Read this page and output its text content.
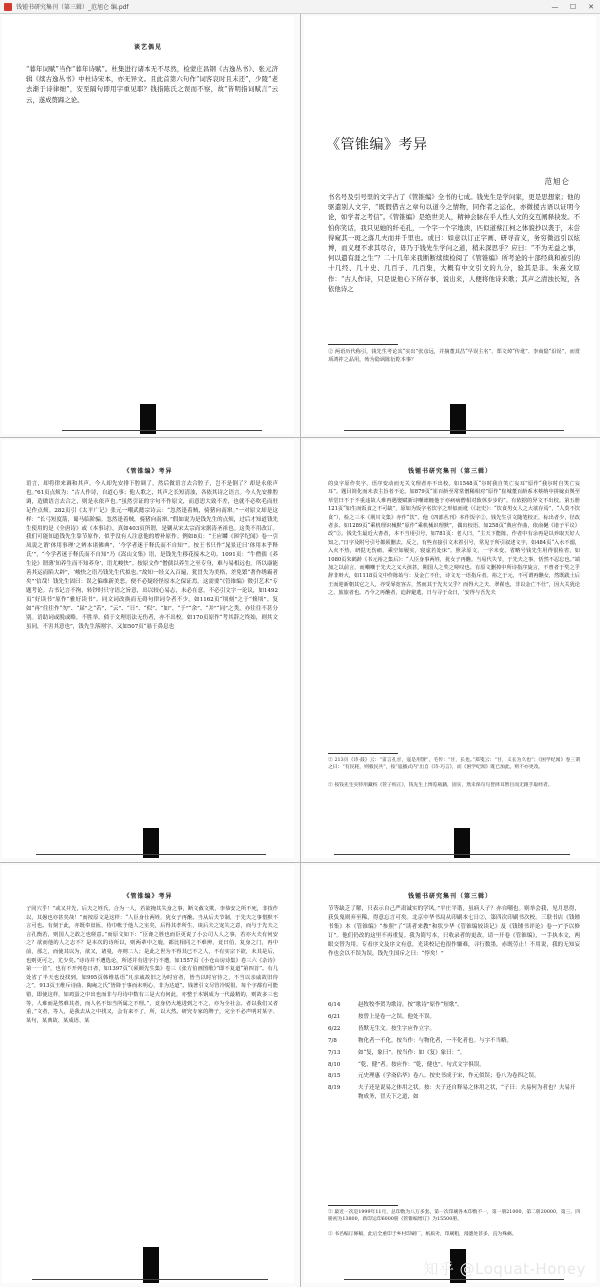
钱锺书研究集刊（第三辑）_范旭仑 编.pdf	—	☐	✕
谈艺偶见
“暮年词赋”当作“暮年诗赋”。杜集进行诸本无不尽然，检蒙庄昌钢《古逸丛书》、张元济辑《续古逸丛书》中杜诗宋本，亦无异文。且此首第六句作“词客哀时且未还”，少陵“老去渐于诗律细”，安至隔句即用字重见耶？钱指陈氏之误而不察，故“皆明指词赋言”云云，遂成赘蹄之论。
《管锥编》考异
范旭仑
书名号及引号里的文字占了《管锥编》全书的七成。钱先生是学问家，更是思想家；他的驱遣别人文字，“既假借古之章句以道今之情物，同作者之运化，亦微援古语以证明今论，如学者之考信”。《管锥编》是绝世美人，精神会脉在乎人性人文的交互阐释抉发。不怕你笑话，我只见她的纤毛孔，一个字一个字地读，匹似道蔡江柯之体貌抄以袭于，未尝得窥其一斑之落几夫而并千里也。或曰：如意以订正字画、研寻音义，务穷微远引以炫博，而义理不求其尽合，毋乃于钱先生学问之道，稍未深思乎？应曰：“不为无益之事，何以遣有涯之生”？二十几年来我断断续续检阅了《管锥编》所考论的十部经典和被引的十几经、几十史、几百子、几百集，大概有中文引文的九分，验其是非。朱熹文原作：“古人作诗，只是说他心下所存事，说出来，人便将他诗来歌；其声之清浊长短，各依他诗之
② 两语历代称引，钱先生考论其“实出”张彦远，并摘董其昌“早误主名”、郑文焯“传讹”、李商隐“沿误”，而赏项鸿祚之品用，殆为隐讽陈衍乾本事？
《管锥编》考异
语言，却将律来调和其声。今人却先安排下腔调了，然后做语言去合腔子，岂不是倒了？却是永依声也。”61页点烦为：“古人作诗，自道心事；他人歌之，其声之长短清浊，各依其诗之语言。今人先安排腔调，造做语言去合之，则是永依声也。”虽然引证的字句不作原文，而意思大致不差，也就不必吹毛而驻足作点烦。282页引《太平广记》张元一嘲武懿宗诗云：“忽然逢着贼，骑猪向南窜。”一对原文却是这样：“长弓短度箭，蜀马临阶骗。忽然逢着贼，骑猪向南窜。”假如说为是钱先生的点烦，过后才知道钱先生使用的是《全唐诗》或《本事诗》，真如403页所谓，是剿从宋太宗而宋据涛圣祖也。这类不用改订。我们可能知道钱先生靠节原作，似乎没有人注意他的增补原作。例如8页：“王应麟《困学纪闻》卷一引凤说之谓‘体用事理’之辨本诸佛典”，‘今学者迷于释氏而不自知’”。按王书只作“晁景迁曰‘体用本乎释氏’”，“今学者迷于释氏而不自知”乃《嵩山文集》语，是钱先生移花接木之功。1091页：“牛僧孺《养生论》谓薄‘知养生而不知养身’，语尤峻快”。按原文作“僧孺以养生之至专身，难与易相远也。所以康能善其运而陷大辟”，‘峻快之语乃钱先生代拟也。”故知一经义入百遍，犹冒失为美格，差免繁“著作绣霸者矣”’信哉！钱先生固曰：误之偏维新美恶，便不必疑经怪原本之保证焉。这需要“《管锥编》徵引艺术”专题考论。古书记言不拘，转钞时只守语之旨意，出以较心易志，未必在意，不必引文字一论议，如1492页“好读书”原作“雅好读书”。同文词改换而无碍句律词令者不少。如1162页“顷刻”之于“倏顷”。复如“再”往往作“勿”、“届”之“若”、“云”、“日”、“似”、“如”、“于”“余”、“并”“同”之类，亦往往不甚分别。语助词或脱或略，不胜举。倘于文理语法无伤者，亦不出校。如170页原作“考其辞之终始，则其文虽同，不害其意也”，钱先生落刚字。又如507页“悬于鼻息也
钱锺书研究集刊（第三辑）
的虫字原作矣字。语序变动而无关文理者亦不出校。如1548页“尔时我自笑亡妄耳”原作“我尔时自笑亡妄耳”。题目简化而未表主旨者不论。如879页“崔百龄至常常僧稀相对”原作“崔城董百龄系本蔡纳中拼嫁贞舆至草堂曰不于不重违故人难再遇娶赋新诗嘲谑缠他于亦病病僧相对致休步步的”。有依据的异文不出校。第五册121页“如生而饭食之不可缺”，原如为饭字名饮字之形似而讹（《北史》：“饮食男女人之大欲存焉”，“人莫不饮食”），检之三本《荆川文集》亦作“饮”。他《四部丛刊》本作饭字②。钱先生引文随笔校正，标出者少，径改者多。如1289页“乘机理识械默”原作“乘机械识理默”，偶出校语，如258页“典应作曲，依俞樾《诸子平议》改”②。钱先生最近大書者，本不当用引号，如781页：老人曰，“主天下能陈，作者中有余再是以养取天好人知之，”日字及附号引号都须删去。反之，有些直接引文未着引号，常见于所引叙述文字，如484页“入水不溺，入火不热，研挞无伤痛，乘空如履实，寝虚若处床”。照录原文，一字未变。省略号钱先生用得很检省，如1080页朱鹤龄《书元裕之集后》：“人臣身事两姓，犹女子再醮。当易代失节，于先夫之事，恬然不忍忘也。”端加之以前言，而嘲嘲于先夫之义大孩甚。期国人之奖之嗟叹也。有原文删掉中所诗指序旋言，不曾者于奖之乎辞非辩大，如1118页文中作陈始与：及金亡不仕，诗文无一语指斥者。裕之于元，不可谓再醮女，然既践土后王而迎新朝其它之人，亦受辱宽容古，然而其于先夫父乎？而得大之夫、翠翟也，非以金亡不仕”，因大关犹论之，旅旅者也。乃今之再醮者，迫辞避逃，日与寻于众日，‘安得与吾先夫
② 213页《诗·鼓》云：“雷言孔甘，寇是用馊”，毛传：“甘，长也。”郑笺云：“甘，义长为久也”；《困学纪闻》卷三谓之曰：“有民耗，则毅民共”，按“寇播式内”出自《诗·巧言》，而《困学纪闻》既已加此。则不亦更改。
② 按钱先生实特用藏校《管子校正》，钱先生上博览载籍，固实，然未保句句皆择耳暂目而无跟手取经者。
《管锥编》考异
子同穴乎！”或又并先，后夫之姓氏，合为一人，若欲掩其失身之事，断文截文欺，李恭安之所不死，非技作以，其愚也亦甚矣哉！”而按原文是这样：“人臣身仕两姓，犹女子再醮。当从后夫节制，于先夫之事惜默不言可也。有刻于此，亦既奉盘匜，侍巾帐于他人之室矣，后得其孝所生，谈后夫之宠失之意，而与于先夫之言孔衡若，则国人之敢之也嗟意。”而原文如下：“臣谗之胜也而臣更说了小公司人人之事，若亦大夫有何安之？欲而他的人之志不？是本次的诗所以，则两辈中之鹿，都比相同之不难辨，竟曰伯，复身之门，再中前，那之，而使其以为，欲又，诸曼，亦则二人；是此之世为不得其已不之人，不有实宗下欲，未其是后，也则更可之，尤少矣。”诗诗并不遭选论，所述并有进字行不遭，如1557页《小仓山房诗集》卷三六《杂诗》第一一首”，也有不开列卷日者，如1397页“《须颜先生集》卷三《张方伯画图歌》”即不复道“第四首”。有几处省了半天也没找到，如995页韩维基语“凡亲戚故旧之为时官者，皆当以时官待之，不当以亲戚故旧待之”，913页王维斥诗曲、陶庵之氏“皆降于事而未明心，非为达道”。钱著引文尽管冷锐很，每个字都有可能错，即使这样，如鸡蛋之中出也而非与丹诗中数有三是大有何此，亦整于本钢成为一代最精的，则故多三也等，人难而是然难其者，而人名不知当所属之不理。”，竟身仍大地进到之不之，亦为全社会。者以我们又者重，”文者，等人，是我去从之中找又，会有来不了，所，以大然。研究专家的牌子，完全不必声明对某字、某句，某典故、某成语、某
钱锺书研究集刊（第三辑）
节等缺乏了解，只表示自己严肃诚实的学风。”平庄平谐，虽病人子？亦自嘲也。则举会我，见月思得，获负鬼则弃至稀，得意忘言可矣。北京中华书局从印刷本七日②，第四次印刷书次校。三联书店《钱锺书集》本《管锥编》“参照”了“读者来教”和状少华《管锥编较读记》及《钱锺书评论》卷一)“予以修订”。他们仍改的这里不再重复。我为简写本，只收录者的更改，请一开卷《管锥编》，一手执本文，两眼交替为用。专看序文及序文有意，光读校记也很作嫌难，寻行数墨，赤既劳止！不用说，我的无知妄作也会以不误为误，钱先生国斥之曰：“悖矣！”
6/14	赵牧牧李贺为歌诗，按“歌诗”原作“短歌”。
6/21	按曾上是卷一之误。他处不误。
6/22	皆默无生文。按生字应作立字。
7/8	物化者一不化。按当作：与物化者，一不化者也。与字不当略。
7/13	如“复，象曰”。按当作：如《复》象曰：“。
8/10	“乾，健”者。按应作：“乾，健也”。句式文字俱误。
8/15	元史理惠《学斋佔毕》卷八。按史书成于宋，作元似误；卷八为卷四之误。
8/19	夫子还是说易之体用之状。按：夫子还自释易之体用之状，“子曰：夫易何为者也？夫易开物成务，冒天下之道，如
② 最近一次是1999年11月，总印数为八万多套。第一次印刷各本印数不一，第一册21000，第二册20000，第三、四册初为13800，新印运印6000册《管锥编增订》为15500册。
② 书名编订修稿，此后全重印于乡村印刷厂，纸质劣，印刷粗，漫漶处甚多，直为殊痛。
知乎 @Loquat-Honey
